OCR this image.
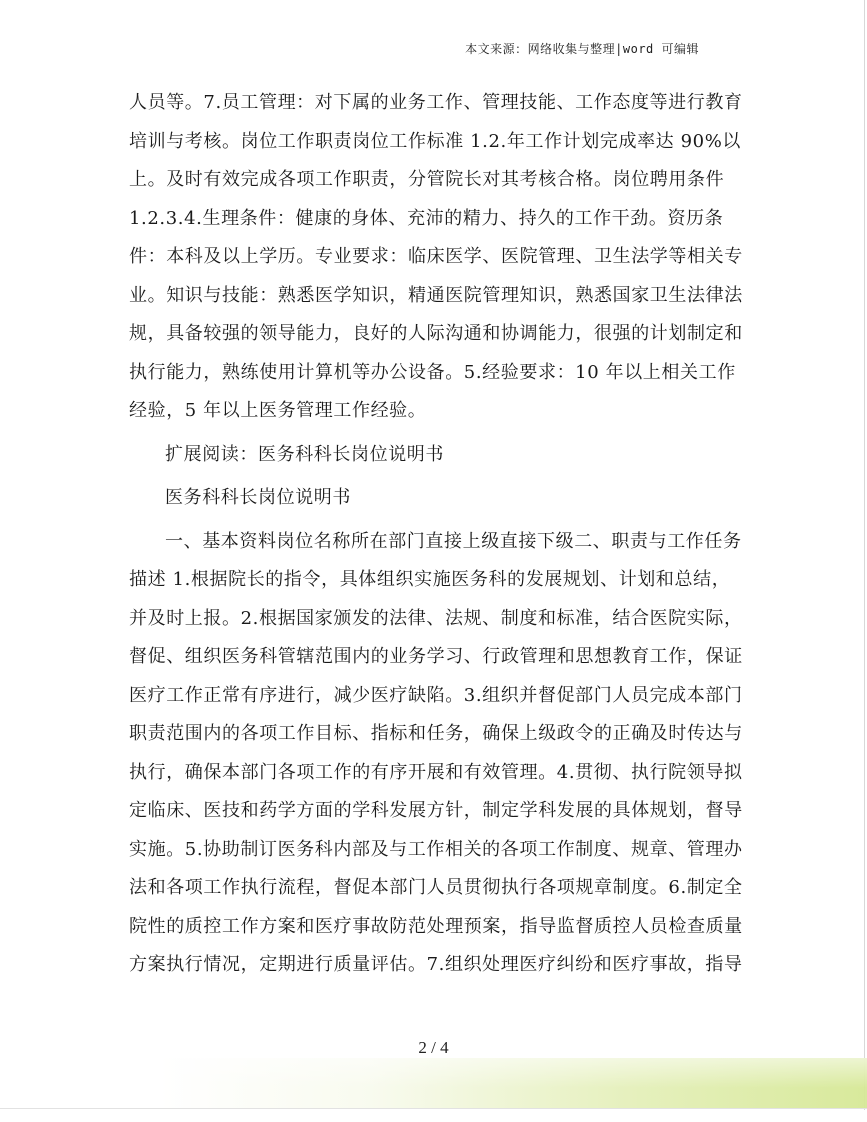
本文来源：网络收集与整理|word 可编辑
人员等。7.员工管理：对下属的业务工作、管理技能、工作态度等进行教育
培训与考核。岗位工作职责岗位工作标准 1.2.年工作计划完成率达 90%以
上。及时有效完成各项工作职责，分管院长对其考核合格。岗位聘用条件
1.2.3.4.生理条件：健康的身体、充沛的精力、持久的工作干劲。资历条
件：本科及以上学历。专业要求：临床医学、医院管理、卫生法学等相关专
业。知识与技能：熟悉医学知识，精通医院管理知识，熟悉国家卫生法律法
规，具备较强的领导能力，良好的人际沟通和协调能力，很强的计划制定和
执行能力，熟练使用计算机等办公设备。5.经验要求：10 年以上相关工作
经验，5 年以上医务管理工作经验。
扩展阅读：医务科科长岗位说明书
医务科科长岗位说明书
一、基本资料岗位名称所在部门直接上级直接下级二、职责与工作任务
描述 1.根据院长的指令，具体组织实施医务科的发展规划、计划和总结，
并及时上报。2.根据国家颁发的法律、法规、制度和标准，结合医院实际，
督促、组织医务科管辖范围内的业务学习、行政管理和思想教育工作，保证
医疗工作正常有序进行，减少医疗缺陷。3.组织并督促部门人员完成本部门
职责范围内的各项工作目标、指标和任务，确保上级政令的正确及时传达与
执行，确保本部门各项工作的有序开展和有效管理。4.贯彻、执行院领导拟
定临床、医技和药学方面的学科发展方针，制定学科发展的具体规划，督导
实施。5.协助制订医务科内部及与工作相关的各项工作制度、规章、管理办
法和各项工作执行流程，督促本部门人员贯彻执行各项规章制度。6.制定全
院性的质控工作方案和医疗事故防范处理预案，指导监督质控人员检查质量
方案执行情况，定期进行质量评估。7.组织处理医疗纠纷和医疗事故，指导
2 / 4
